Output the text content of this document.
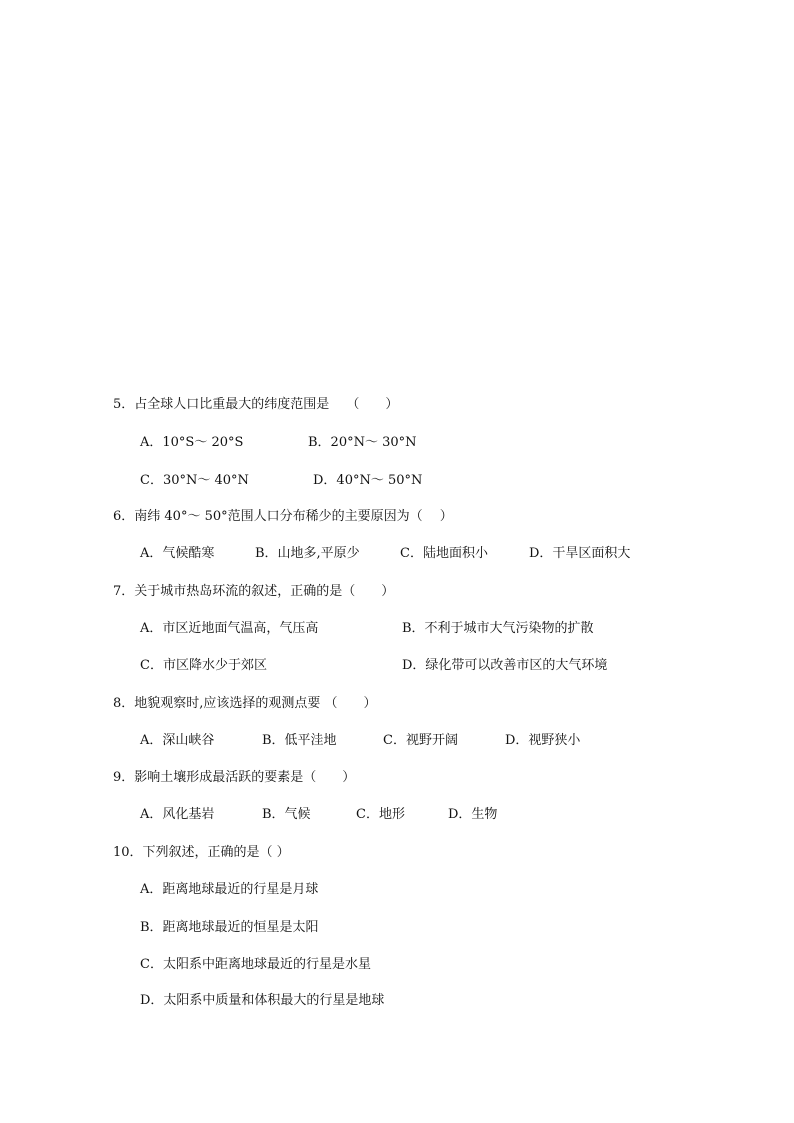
5．占全球人口比重最大的纬度范围是　 （　　）
A．10°S～ 20°S	B．20°N～ 30°N
C．30°N～ 40°N	D．40°N～ 50°N
6．南纬 40°～ 50°范围人口分布稀少的主要原因为（　 ）
A．气候酷寒	B．山地多,平原少	C．陆地面积小	D．干旱区面积大
7．关于城市热岛环流的叙述，正确的是（　　）
A．市区近地面气温高，气压高	B．不利于城市大气污染物的扩散
C．市区降水少于郊区	D．绿化带可以改善市区的大气环境
8．地貌观察时,应该选择的观测点要 （　　）
A．深山峡谷	B．低平洼地	C．视野开阔	D．视野狭小
9．影响土壤形成最活跃的要素是（　　）
A．风化基岩	B．气候	C．地形	D．生物
10．下列叙述，正确的是（ ）
A．距离地球最近的行星是月球
B．距离地球最近的恒星是太阳
C．太阳系中距离地球最近的行星是水星
D．太阳系中质量和体积最大的行星是地球
